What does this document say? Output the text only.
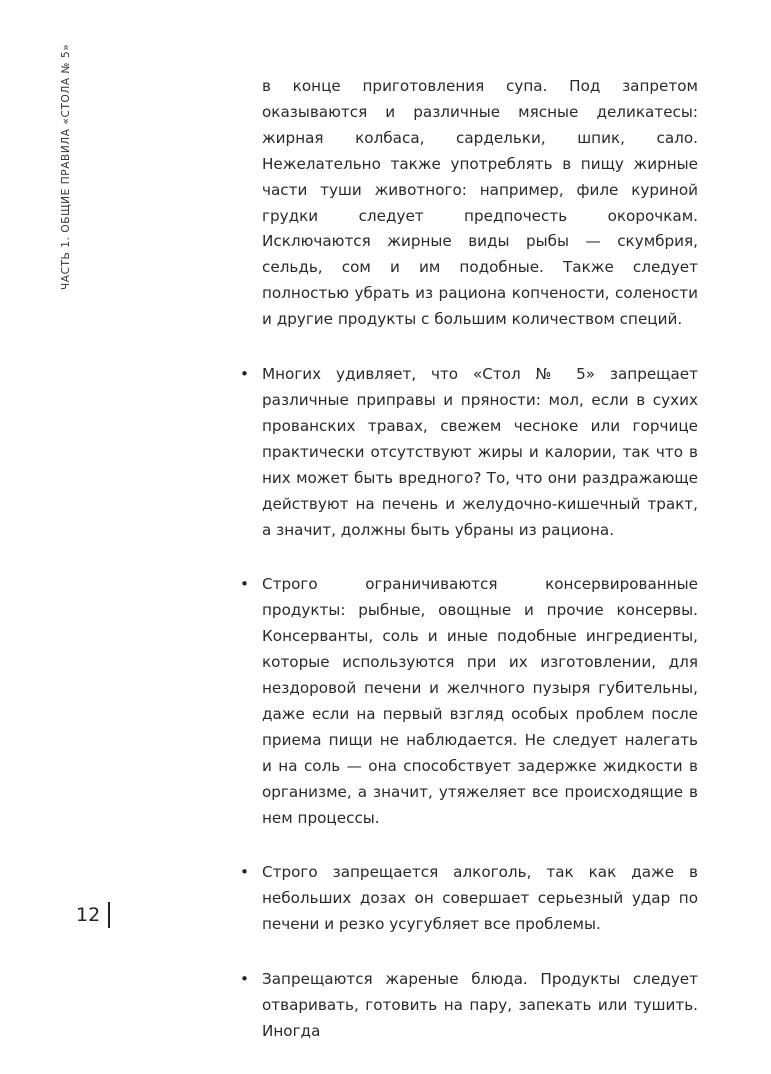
ЧАСТЬ 1. ОБЩИЕ ПРАВИЛА «СТОЛА № 5»	в конце приготовления супа. Под запретом оказываются и различные мясные деликатесы: жирная колбаса, сардельки, шпик, сало. Нежелательно также употреблять в пищу жирные части туши животного: например, филе куриной грудки следует предпочесть окорочкам. Исключаются жирные виды рыбы — скумбрия, сельдь, сом и им подобные. Также следует полностью убрать из рациона копчености, солености и другие продукты с большим количеством специй.

• Многих удивляет, что «Стол № 5» запрещает различные приправы и пряности: мол, если в сухих прованских травах, свежем чесноке или горчице практически отсутствуют жиры и калории, так что в них может быть вредного? То, что они раздражающе действуют на печень и желудочно-кишечный тракт, а значит, должны быть убраны из рациона.

• Строго ограничиваются консервированные продукты: рыбные, овощные и прочие консервы. Консерванты, соль и иные подобные ингредиенты, которые используются при их изготовлении, для нездоровой печени и желчного пузыря губительны, даже если на первый взгляд особых проблем после приема пищи не наблюдается. Не следует налегать и на соль — она способствует задержке жидкости в организме, а значит, утяжеляет все происходящие в нем процессы.

• Строго запрещается алкоголь, так как даже в небольших дозах он совершает серьезный удар по печени и резко усугубляет все проблемы.

• Запрещаются жареные блюда. Продукты следует отваривать, готовить на пару, запекать или тушить. Иногда

12
